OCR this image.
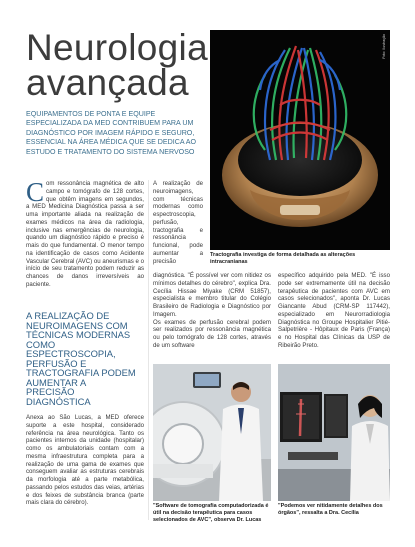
Neurologia
avançada
EQUIPAMENTOS DE PONTA E EQUIPE ESPECIALIZADA DA MED CONTRIBUEM PARA UM DIAGNÓSTICO POR IMAGEM RÁPIDO E SEGURO, ESSENCIAL NA ÁREA MÉDICA QUE SE DEDICA AO ESTUDO E TRATAMENTO DO SISTEMA NERVOSO
Foto: Ilustração
Tractografia investiga de forma detalhada as alterações intracranianas
Com ressonância magnética de alto campo e tomógrafo de 128 cortes, que obtêm imagens em segundos, a MED Medicina Diagnóstica passa a ser uma importante aliada na realização de exames médicos na área da radiologia, inclusive nas emergências de neurologia, quando um diagnóstico rápido e preciso é mais do que fundamental. O menor tempo na identificação de casos como Acidente Vascular Cerebral (AVC) ou aneurismas e o início de seu tratamento podem reduzir as chances de danos irreversíveis ao paciente.
A realização de neuroimagens, com técnicas modernas como espectroscopia, perfusão, tractografia e ressonância funcional, pode aumentar a precisão
diagnóstica. "É possível ver com nitidez os mínimos detalhes do cérebro", explica Dra. Cecília Hissae Miyake (CRM 51857), especialista e membro titular do Colégio Brasileiro de Radiologia e Diagnóstico por Imagem.
Os exames de perfusão cerebral podem ser realizados por ressonância magnética ou pelo tomógrafo de 128 cortes, através de um software
específico adquirido pela MED. "É isso pode ser extremamente útil na decisão terapêutica de pacientes com AVC em casos selecionados", aponta Dr. Lucas Gianсante Abud (CRM-SP 117442), especializado em Neurorradiologia Diagnóstica no Groupe Hospitalier Pitié-Salpetrière - Hôpitaux de Paris (França) e no Hospital das Clínicas da USP de Ribeirão Preto.
A REALIZAÇÃO DE NEUROIMAGENS COM TÉCNICAS MODERNAS COMO ESPECTROSCOPIA, PERFUSÃO E TRACTOGRAFIA PODEM AUMENTAR A PRECISÃO DIAGNÓSTICA
Anexa ao São Lucas, a MED oferece suporte a este hospital, considerado referência na área neurológica. Tanto os pacientes internos da unidade (hospitalar) como os ambulatoriais contam com a mesma infraestrutura completa para a realização de uma gama de exames que conseguem avaliar as estruturas cerebrais da morfologia até a parte metabólica, passando pelos estudos das veias, artérias e dos feixes de substância branca (parte mais clara do cérebro).	"Software de tomografia computadorizada é útil na decisão terapêutica para casos selecionados de AVC", observa Dr. Lucas
"Podemos ver nitidamente detalhes dos órgãos", ressalta a Dra. Cecília
